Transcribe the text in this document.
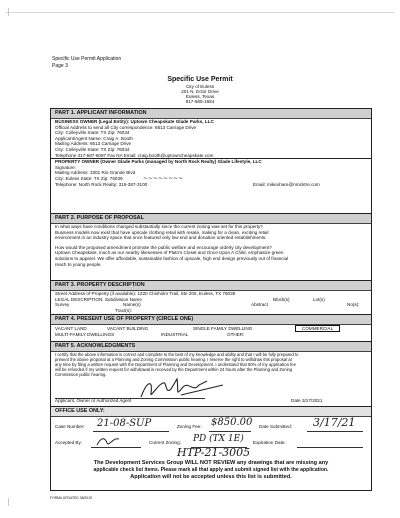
Specific Use Permit Application
Page 3
Specific Use Permit
City of Euless
201 N. Ector Drive
Euless, Texas
817-685-1684
PART 1. APPLICANT INFORMATION
BUSINESS OWNER (Legal Entity): Uptown Cheapskate Glade Parks, LLC
Official Address to send all City correspondence: 6613 Carriage Drive
City: Colleyville State: TX Zip: 76034
Applicant/Agent Name: Craig A. Booth
Mailing Address: 6613 Carriage Drive
City: Colleyville State: TX Zip: 76034
Telephone 317-587-6097 Fax NA Email: craig.booth@uptowncheapskate.com
PROPERTY OWNER (Owner Glade Parks (managed by North Rock Realty) Glade Lifestyle, LLC
Signature:
Mailing Address: 3301 Rio Grande Blvd
City: Euless State: TX Zip: 76039
Telephone: North Rock Realty: 315-387-3100	Email: mikeohare@nrocktre.com
~~~~~~~~
PART 2. PURPOSE OF PROPOSAL
In what ways have conditions changed substantially since the current zoning was set for this property?
Business models now exist that have upscale clothing retail with resale, making for a clean, exciting retail
environment in an industry space that once featured only low end and donation oriented establishments.
How would the proposed amendment promote the public welfare and encourage orderly city development?
Uptown Cheapskate, much as our nearby likenesses of Plato's Closet and Once Upon A Child, emphasize green
solutions to apparel. We offer affordable, sustainable fashion of upscale, high end design previously out of financial
reach to young people.
PART 3. PROPERTY DESCRIPTION
Street Address of Property (if available): 1220 Chisholm Trail, Ste 200, Euless, TX 76039
LEGAL DESCRIPTION: Subdivision Name	Block(s)	Lot(s)
Survey	Name(s)	Abstract	No(s):
Tract(s):
PART 4. PRESENT USE OF PROPERTY (CIRCLE ONE)
VACANT LAND	VACANT BUILDING	SINGLE FAMILY DWELLING	COMMERCIAL
MULTI-FAMILY DWELLINGS	INDUSTRIAL	OTHER:
PART 5. ACKNOWLEDGMENTS
I certify that the above information is correct and complete to the best of my knowledge and ability and that I will be fully prepared to
present the above proposal at a Planning and Zoning Commission public hearing. I reserve the right to withdraw this proposal at
any time by filing a written request with the Department of Planning and Development. I understand that 50% of my application fee
will be refunded if my written request for withdrawal is received by the Department within 24 hours after the Planning and Zoning
Commission public hearing.
Applicant, Owner or Authorized Agent	Date 3/17/2021
OFFICE USE ONLY:
Case Number:	21-08-SUP	Zoning Fee: $850.00	Date Submitted:	3/17/21
Accepted By:	Current Zoning:	PD (TX 1E)	Expiration Date:
HTP-21-3005
The Development Services Group WILL NOT REVIEW any drawings that are missing any
applicable check list items. Please mark all that apply and submit signed list with the application.
Application will not be accepted unless this list is submitted.
FORM# UPDATED 08/2019
